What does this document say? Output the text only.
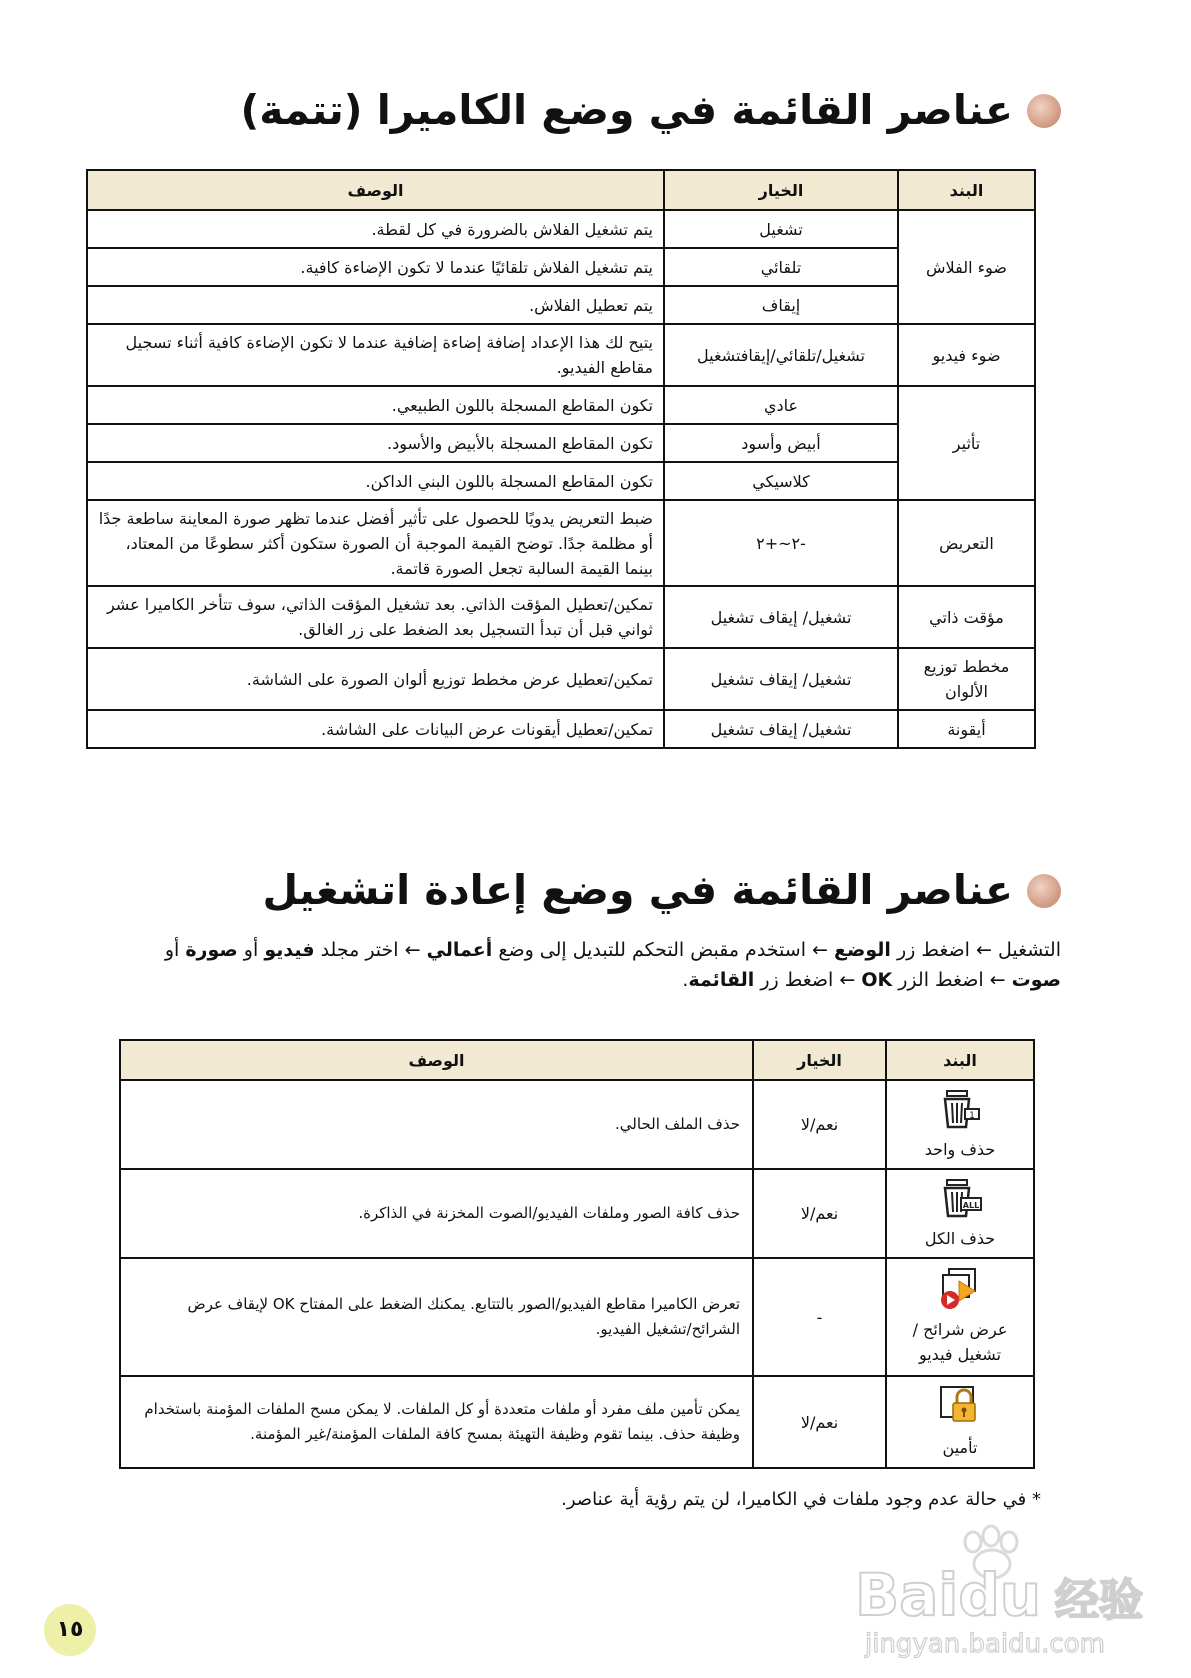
عناصر القائمة في وضع الكاميرا (تتمة)
البند	الخيار	الوصف
ضوء الفلاش	تشغيل	يتم تشغيل الفلاش بالضرورة في كل لقطة.
	تلقائي	يتم تشغيل الفلاش تلقائيًا عندما لا تكون الإضاءة كافية.
	إيقاف	يتم تعطيل الفلاش.
ضوء فيديو	تشغيل/تلقائي/إيقافتشغيل	يتيح لك هذا الإعداد إضافة إضاءة إضافية عندما لا تكون الإضاءة كافية أثناء تسجيل مقاطع الفيديو.
تأثير	عادي	تكون المقاطع المسجلة باللون الطبيعي.
	أبيض وأسود	تكون المقاطع المسجلة بالأبيض والأسود.
	كلاسيكي	تكون المقاطع المسجلة باللون البني الداكن.
التعريض	-٢~+٢	ضبط التعريض يدويًا للحصول على تأثير أفضل عندما تظهر صورة المعاينة ساطعة جدًا أو مظلمة جدًا. توضح القيمة الموجبة أن الصورة ستكون أكثر سطوعًا من المعتاد، بينما القيمة السالبة تجعل الصورة قاتمة.
مؤقت ذاتي	تشغيل/ إيقاف تشغيل	تمكين/تعطيل المؤقت الذاتي. بعد تشغيل المؤقت الذاتي، سوف تتأخر الكاميرا عشر ثواني قبل أن تبدأ التسجيل بعد الضغط على زر الغالق.
مخطط توزيع الألوان	تشغيل/ إيقاف تشغيل	تمكين/تعطيل عرض مخطط توزيع ألوان الصورة على الشاشة.
أيقونة	تشغيل/ إيقاف تشغيل	تمكين/تعطيل أيقونات عرض البيانات على الشاشة.
عناصر القائمة في وضع إعادة اتشغيل
التشغيل ← اضغط زر الوضع ← استخدم مقبض التحكم للتبديل إلى وضع أعمالي ← اختر مجلد فيديو أو صورة أو صوت ← اضغط الزر OK ← اضغط زر القائمة.
البند	الخيار	الوصف

1
حذف واحد	نعم/لا	حذف الملف الحالي.

ALL
حذف الكل	نعم/لا	حذف كافة الصور وملفات الفيديو/الصوت المخزنة في الذاكرة.

عرض شرائح / تشغيل فيديو	-	تعرض الكاميرا مقاطع الفيديو/الصور بالتتابع. يمكنك الضغط على المفتاح OK لإيقاف عرض الشرائح/تشغيل الفيديو.

تأمين	نعم/لا	يمكن تأمين ملف مفرد أو ملفات متعددة أو كل الملفات. لا يمكن مسح الملفات المؤمنة باستخدام وظيفة حذف. بينما تقوم وظيفة التهيئة بمسح كافة الملفات المؤمنة/غير المؤمنة.
* في حالة عدم وجود ملفات في الكاميرا، لن يتم رؤية أية عناصر.
Baidu 经验
jingyan.baidu.com
١٥
